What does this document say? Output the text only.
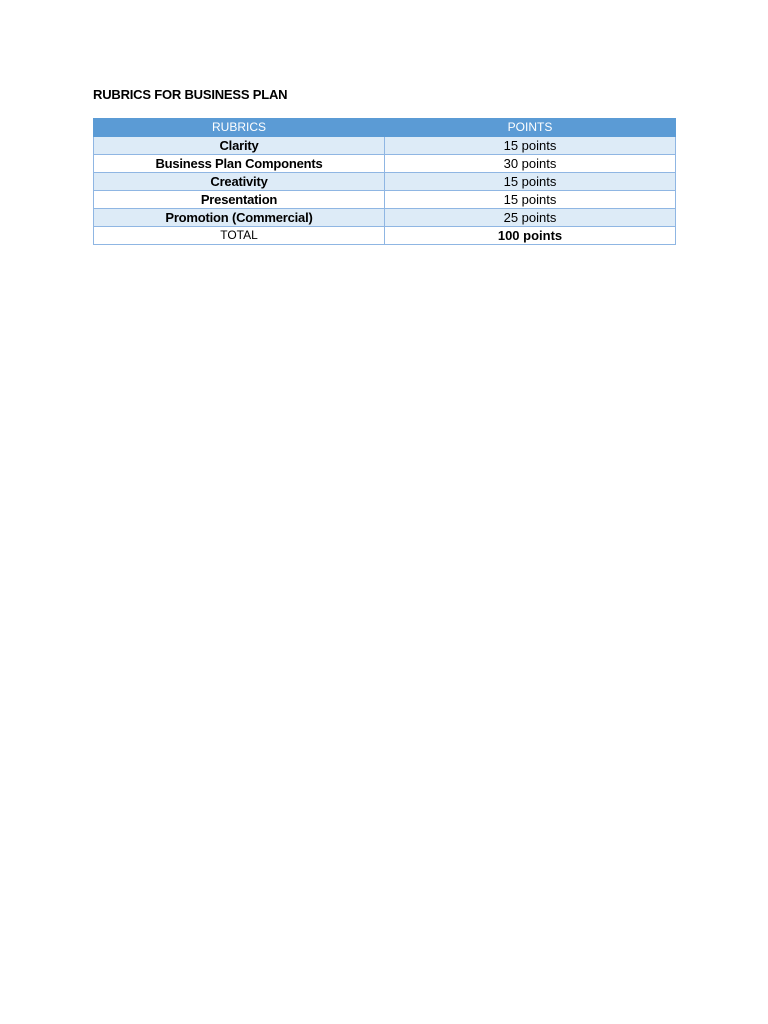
RUBRICS FOR BUSINESS PLAN
RUBRICS	POINTS
Clarity	15 points
Business Plan Components	30 points
Creativity	15 points
Presentation	15 points
Promotion (Commercial)	25 points
TOTAL	100 points
